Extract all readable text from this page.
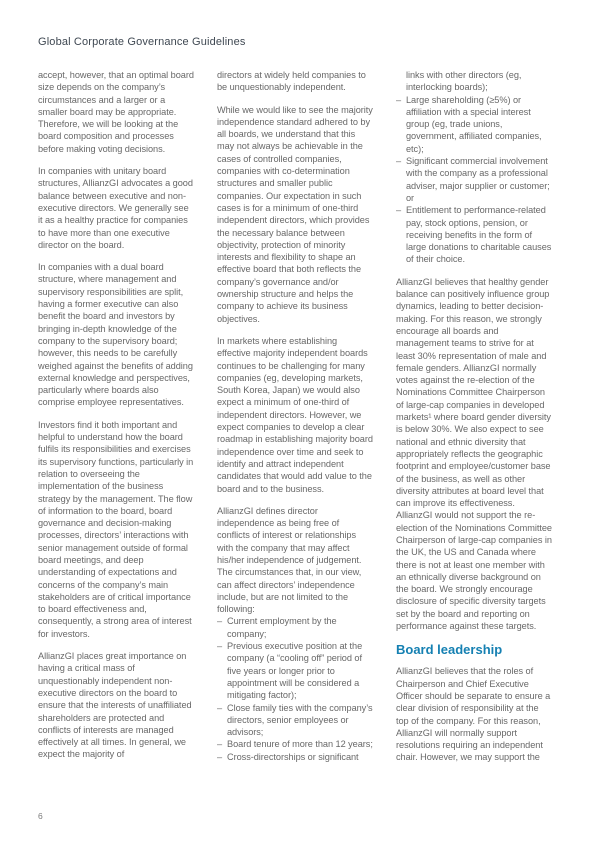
Global Corporate Governance Guidelines

accept, however, that an optimal board size depends on the company’s circumstances and a larger or a smaller board may be appropriate. Therefore, we will be looking at the board composition and processes before making voting decisions.

In companies with unitary board structures, AllianzGI advocates a good balance between executive and non-executive directors. We generally see it as a healthy practice for companies to have more than one executive director on the board.

In companies with a dual board structure, where management and supervisory responsibilities are split, having a former executive can also benefit the board and investors by bringing in-depth knowledge of the company to the supervisory board; however, this needs to be carefully weighed against the benefits of adding external knowledge and perspectives, particularly where boards also comprise employee representatives.

Investors find it both important and helpful to understand how the board fulfils its responsibilities and exercises its supervisory functions, particularly in relation to overseeing the implementation of the business strategy by the management. The flow of information to the board, board governance and decision-making processes, directors’ interactions with senior management outside of formal board meetings, and deep understanding of expectations and concerns of the company’s main stakeholders are of critical importance to board effectiveness and, consequently, a strong area of interest for investors.

AllianzGI places great importance on having a critical mass of unquestionably independent non-executive directors on the board to ensure that the interests of unaffiliated shareholders are protected and conflicts of interests are managed effectively at all times. In general, we expect the majority of

directors at widely held companies to be unquestionably independent.

While we would like to see the majority independence standard adhered to by all boards, we understand that this may not always be achievable in the cases of controlled companies, companies with co-determination structures and smaller public companies. Our expectation in such cases is for a minimum of one-third independent directors, which provides the necessary balance between objectivity, protection of minority interests and flexibility to shape an effective board that both reflects the company’s governance and/or ownership structure and helps the company to achieve its business objectives.

In markets where establishing effective majority independent boards continues to be challenging for many companies (eg, developing markets, South Korea, Japan) we would also expect a minimum of one-third of independent directors. However, we expect companies to develop a clear roadmap in establishing majority board independence over time and seek to identify and attract independent candidates that would add value to the board and to the business.

AllianzGI defines director independence as being free of conflicts of interest or relationships with the company that may affect his/her independence of judgement. The circumstances that, in our view, can affect directors’ independence include, but are not limited to the following:

– Current employment by the company;
– Previous executive position at the company (a “cooling off” period of five years or longer prior to appointment will be considered a mitigating factor);
– Close family ties with the company’s directors, senior employees or advisors;
– Board tenure of more than 12 years;
– Cross-directorships or significant

links with other directors (eg, interlocking boards);

– Large shareholding (≥5%) or affiliation with a special interest group (eg, trade unions, government, affiliated companies, etc);
– Significant commercial involvement with the company as a professional adviser, major supplier or customer; or
– Entitlement to performance-related pay, stock options, pension, or receiving benefits in the form of large donations to charitable causes of their choice.

AllianzGI believes that healthy gender balance can positively influence group dynamics, leading to better decision-making. For this reason, we strongly encourage all boards and management teams to strive for at least 30% representation of male and female genders. AllianzGI normally votes against the re-election of the Nominations Committee Chairperson of large-cap companies in developed markets¹ where board gender diversity is below 30%. We also expect to see national and ethnic diversity that appropriately reflects the geographic footprint and employee/customer base of the business, as well as other diversity attributes at board level that can improve its effectiveness. AllianzGI would not support the re-election of the Nominations Committee Chairperson of large-cap companies in the UK, the US and Canada where there is not at least one member with an ethnically diverse background on the board. We strongly encourage disclosure of specific diversity targets set by the board and reporting on performance against these targets.

Board leadership

AllianzGI believes that the roles of Chairperson and Chief Executive Officer should be separate to ensure a clear division of responsibility at the top of the company. For this reason, AllianzGI will normally support resolutions requiring an independent chair. However, we may support the

6
